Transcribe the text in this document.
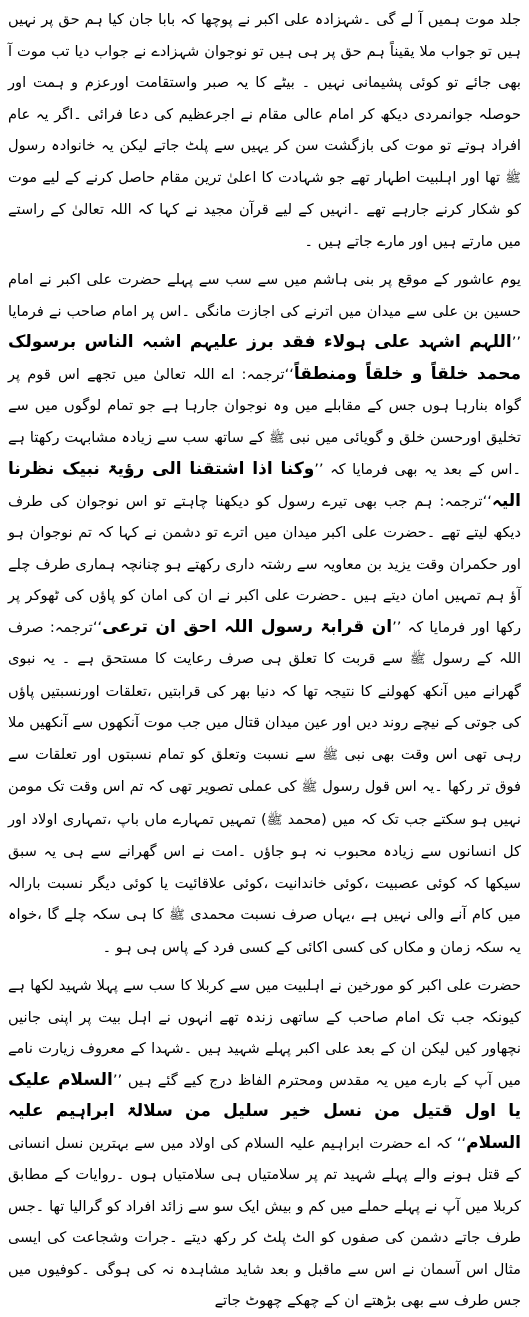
جلد موت ہمیں آ لے گی ۔شہزادہ علی اکبر نے پوچھا کہ بابا جان کیا ہم حق پر نہیں ہیں تو جواب ملا یقیناً ہم حق پر ہی ہیں تو نوجوان شہزادے نے جواب دیا تب موت آ بھی جائے تو کوئی پشیمانی نہیں ۔ بیٹے کا یہ صبر واستقامت اورعزم و ہمت اور حوصلہ جوانمردی دیکھ کر امام عالی مقام نے اجرعظیم کی دعا فرائی ۔اگر یہ عام افراد ہوتے تو موت کی بازگشت سن کر یہیں سے پلٹ جاتے لیکن یہ خانوادہ رسول ﷺ تھا اور اہلبیت اطہار تھے جو شہادت کا اعلیٰ ترین مقام حاصل کرنے کے لیے موت کو شکار کرنے جارہے تھے ۔انہیں کے لیے قرآن مجید نے کہا کہ اللہ تعالیٰ کے راستے میں مارتے ہیں اور مارے جاتے ہیں ۔

یوم عاشور کے موقع پر بنی ہاشم میں سے سب سے پہلے حضرت علی اکبر نے امام حسین بن علی سے میدان میں اترنے کی اجازت مانگی ۔اس پر امام صاحب نے فرمایا ’’اللہم اشہد علی ہولاء فقد برز علیہم اشبہ الناس برسولک محمد خلقاً و خلقاً ومنطقاً‘‘ترجمہ: اے اللہ تعالیٰ میں تجھے اس قوم پر گواہ بنارہا ہوں جس کے مقابلے میں وہ نوجوان جارہا ہے جو تمام لوگوں میں سے تخلیق اورحسن خلق و گویائی میں نبی ﷺ کے ساتھ سب سے زیادہ مشابہت رکھتا ہے ۔اس کے بعد یہ بھی فرمایا کہ ’’وکنا اذا اشتقنا الی رؤیۃ نبیک نظرنا الیہ‘‘ترجمہ: ہم جب بھی تیرے رسول کو دیکھنا چاہتے تو اس نوجوان کی طرف دیکھ لیتے تھے ۔حضرت علی اکبر میدان میں اترے تو دشمن نے کہا کہ تم نوجوان ہو اور حکمران وقت یزید بن معاویہ سے رشتہ داری رکھتے ہو چنانچہ ہماری طرف چلے آؤ ہم تمہیں امان دیتے ہیں ۔حضرت علی اکبر نے ان کی امان کو پاؤں کی ٹھوکر پر رکھا اور فرمایا کہ ’’ان قرابۃ رسول اللہ احق ان ترعی‘‘ترجمہ: صرف اللہ کے رسول ﷺ سے قربت کا تعلق ہی صرف رعایت کا مستحق ہے ۔ یہ نبوی گھرانے میں آنکھ کھولنے کا نتیجہ تھا کہ دنیا بھر کی قرابتیں ،تعلقات اورنسبتیں پاؤں کی جوتی کے نیچے روند دیں اور عین میدان قتال میں جب موت آنکھوں سے آنکھیں ملا رہی تھی اس وقت بھی نبی ﷺ سے نسبت وتعلق کو تمام نسبتوں اور تعلقات سے فوق تر رکھا ۔یہ اس قول رسول ﷺ کی عملی تصویر تھی کہ تم اس وقت تک مومن نہیں ہو سکتے جب تک کہ میں (محمد ﷺ) تمہیں تمہارے ماں باپ ،تمہاری اولاد اور کل انسانوں سے زیادہ محبوب نہ ہو جاؤں ۔امت نے اس گھرانے سے ہی یہ سبق سیکھا کہ کوئی عصبیت ،کوئی خاندانیت ،کوئی علاقائیت یا کوئی دیگر نسبت بارالہ میں کام آنے والی نہیں ہے ،یہاں صرف نسبت محمدی ﷺ کا ہی سکہ چلے گا ،خواہ یہ سکہ زمان و مکاں کی کسی اکائی کے کسی فرد کے پاس ہی ہو ۔

حضرت علی اکبر کو مورخین نے اہلبیت میں سے کربلا کا سب سے پہلا شہید لکھا ہے کیونکہ جب تک امام صاحب کے ساتھی زندہ تھے انہوں نے اہل بیت پر اپنی جانیں نچھاور کیں لیکن ان کے بعد علی اکبر پہلے شہید ہیں ۔شہدا کے معروف زیارت نامے میں آپ کے بارے میں یہ مقدس ومحترم الفاظ درج کیے گئے ہیں ’’السلام علیک یا اول قتیل من نسل خیر سلیل من سلالۃ ابراہیم علیہ السلام‘‘ کہ اے حضرت ابراہیم علیہ السلام کی اولاد میں سے بہترین نسل انسانی کے قتل ہونے والے پہلے شہید تم پر سلامتیاں ہی سلامتیاں ہوں ۔روایات کے مطابق کربلا میں آپ نے پہلے حملے میں کم و بیش ایک سو سے زائد افراد کو گرالیا تھا ۔جس طرف جاتے دشمن کی صفوں کو الٹ پلٹ کر رکھ دیتے ۔جرات وشجاعت کی ایسی مثال اس آسمان نے اس سے ماقبل و بعد شاید مشاہدہ نہ کی ہوگی ۔کوفیوں میں جس طرف سے بھی بڑھتے ان کے چھکے چھوٹ جاتے
